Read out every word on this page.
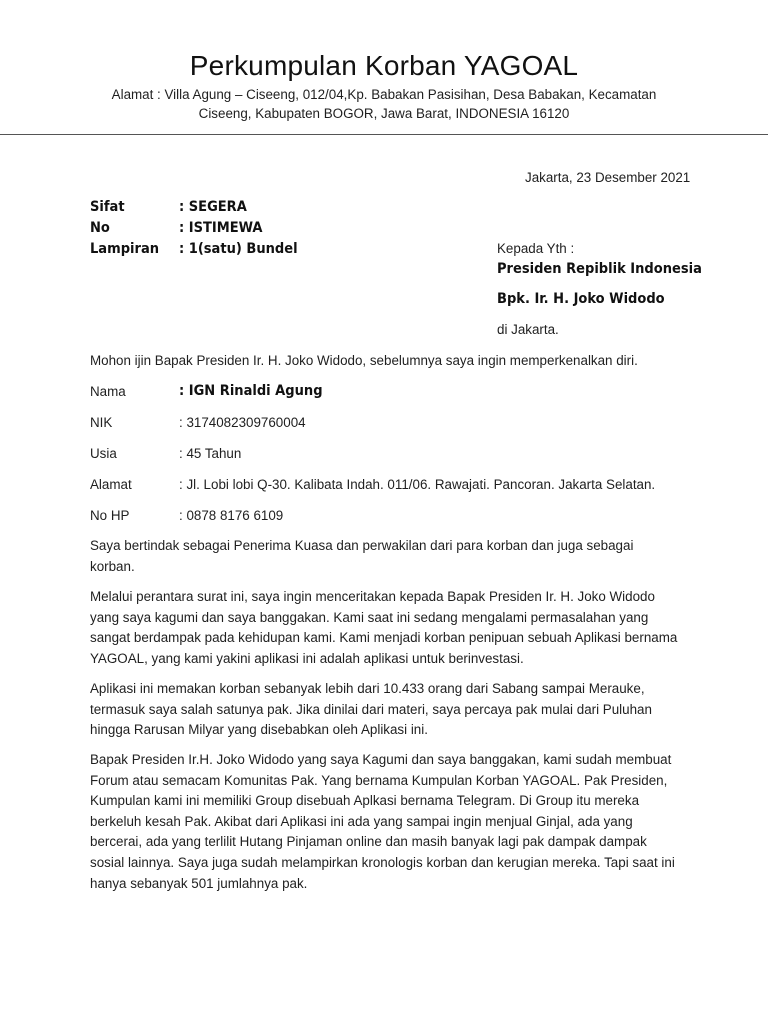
Perkumpulan Korban YAGOAL
Alamat : Villa Agung – Ciseeng, 012/04,Kp. Babakan Pasisihan, Desa Babakan, Kecamatan
Ciseeng, Kabupaten BOGOR, Jawa Barat, INDONESIA 16120
Jakarta, 23 Desember 2021
Sifat	: SEGERA
No	: ISTIMEWA
Lampiran : 1(satu) Bundel	Kepada Yth :
Presiden Repiblik Indonesia
Bpk. Ir. H. Joko Widodo
di Jakarta.
Mohon ijin Bapak Presiden Ir. H. Joko Widodo, sebelumnya saya ingin memperkenalkan diri.
Nama	: IGN Rinaldi Agung
NIK	: 3174082309760004
Usia	: 45 Tahun
Alamat	: Jl. Lobi lobi Q-30. Kalibata Indah. 011/06. Rawajati. Pancoran. Jakarta Selatan.
No HP	: 0878 8176 6109
Saya bertindak sebagai Penerima Kuasa dan perwakilan dari para korban dan juga sebagai korban.
Melalui perantara surat ini, saya ingin menceritakan kepada Bapak Presiden Ir. H. Joko Widodo yang saya kagumi dan saya banggakan. Kami saat ini sedang mengalami permasalahan yang sangat berdampak pada kehidupan kami. Kami menjadi korban penipuan sebuah Aplikasi bernama YAGOAL, yang kami yakini aplikasi ini adalah aplikasi untuk berinvestasi.
Aplikasi ini memakan korban sebanyak lebih dari 10.433 orang dari Sabang sampai Merauke, termasuk saya salah satunya pak. Jika dinilai dari materi, saya percaya pak mulai dari Puluhan hingga Rarusan Milyar yang disebabkan oleh Aplikasi ini.
Bapak Presiden Ir.H. Joko Widodo yang saya Kagumi dan saya banggakan, kami sudah membuat Forum atau semacam Komunitas Pak. Yang bernama Kumpulan Korban YAGOAL. Pak Presiden, Kumpulan kami ini memiliki Group disebuah Aplkasi bernama Telegram. Di Group itu mereka berkeluh kesah Pak. Akibat dari Aplikasi ini ada yang sampai ingin menjual Ginjal, ada yang bercerai, ada yang terlilit Hutang Pinjaman online dan masih banyak lagi pak dampak dampak sosial lainnya. Saya juga sudah melampirkan kronologis korban dan kerugian mereka. Tapi saat ini hanya sebanyak 501 jumlahnya pak.
